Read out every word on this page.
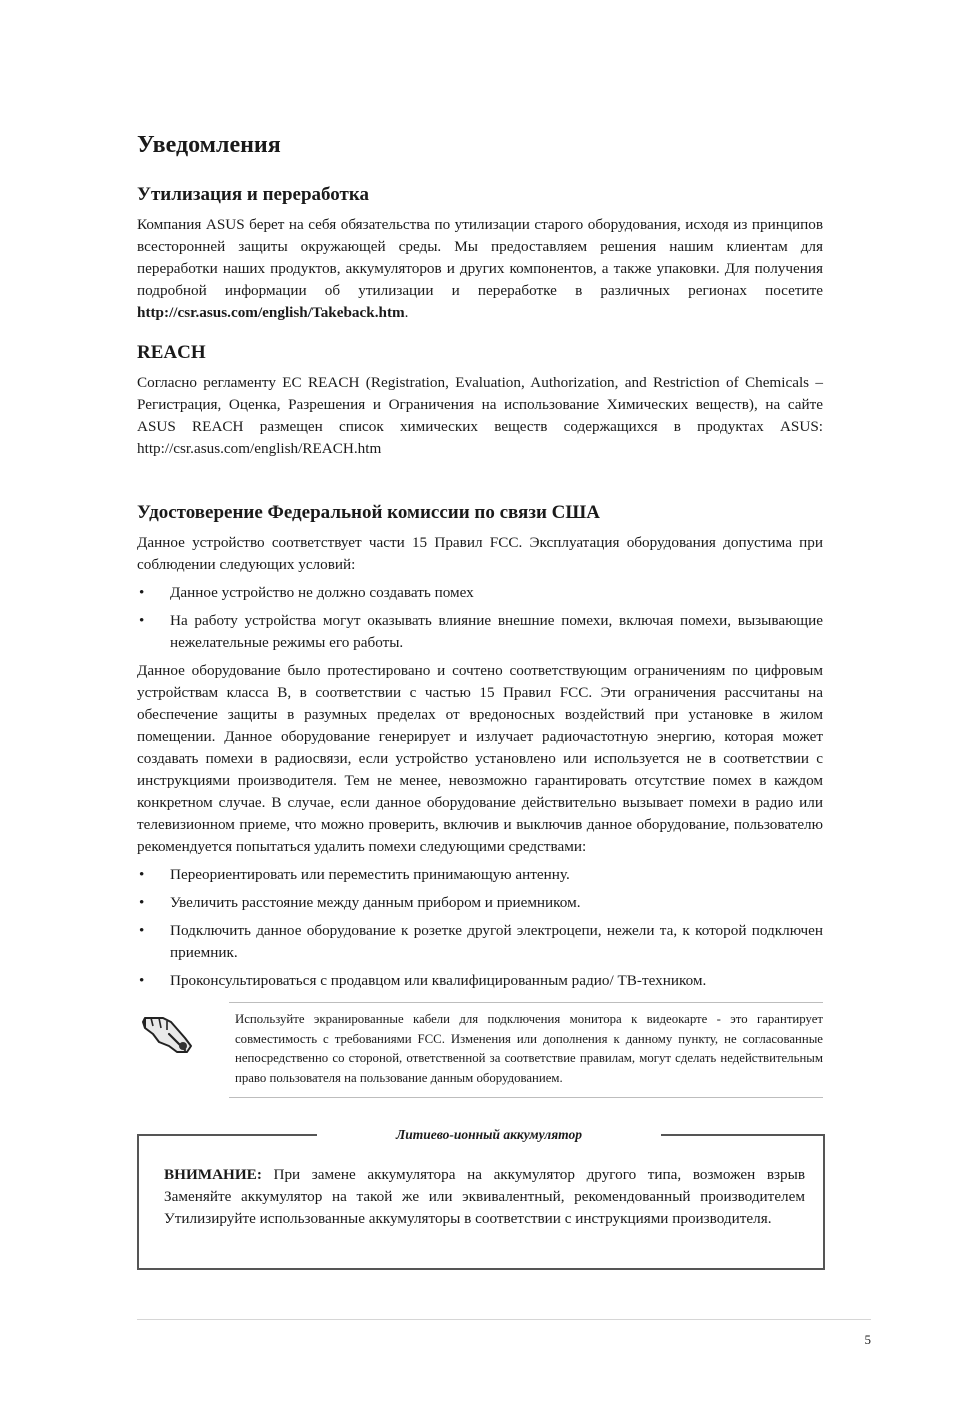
Уведомления
Утилизация и переработка

Компания ASUS берет на себя обязательства по утилизации старого оборудования, исходя из принципов всесторонней защиты окружающей среды. Мы предоставляем решения нашим клиентам для переработки наших продуктов, аккумуляторов и других компонентов, а также упаковки. Для получения подробной информации об утилизации и переработке в различных регионах посетите http://csr.asus.com/english/Takeback.htm.

REACH

Согласно регламенту ЕС REACH (Registration, Evaluation, Authorization, and Restriction of Chemicals – Регистрация, Оценка, Разрешения и Ограничения на использование Химических веществ), на сайте ASUS REACH размещен список химических веществ содержащихся в продуктах ASUS: http://csr.asus.com/english/REACH.htm

Удостоверение Федеральной комиссии по связи США

Данное устройство соответствует части 15 Правил FCC. Эксплуатация оборудования допустима при соблюдении следующих условий:

• Данное устройство не должно создавать помех
• На работу устройства могут оказывать влияние внешние помехи, включая помехи, вызывающие нежелательные режимы его работы.

Данное оборудование было протестировано и сочтено соответствующим ограничениям по цифровым устройствам класса В, в соответствии с частью 15 Правил FCC. Эти ограничения рассчитаны на обеспечение защиты в разумных пределах от вредоносных воздействий при установке в жилом помещении. Данное оборудование генерирует и излучает радиочастотную энергию, которая может создавать помехи в радиосвязи, если устройство установлено или используется не в соответствии с инструкциями производителя. Тем не менее, невозможно гарантировать отсутствие помех в каждом конкретном случае. В случае, если данное оборудование действительно вызывает помехи в радио или телевизионном приеме, что можно проверить, включив и выключив данное оборудование, пользователю рекомендуется попытаться удалить помехи следующими средствами:

• Переориентировать или переместить принимающую антенну.
• Увеличить расстояние между данным прибором и приемником.
• Подключить данное оборудование к розетке другой электроцепи, нежели та, к которой подключен приемник.
• Проконсультироваться с продавцом или квалифицированным радио/ ТВ-техником.
Используйте экранированные кабели для подключения монитора к видеокарте - это гарантирует совместимость с требованиями FCC. Изменения или дополнения к данному пункту, не согласованные непосредственно со стороной, ответственной за соответствие правилам, могут сделать недействительным право пользователя на пользование данным оборудованием.
Литиево-ионный аккумулятор
ВНИМАНИЕ: При замене аккумулятора на аккумулятор другого типа, возможен взрыв Заменяйте аккумулятор на такой же или эквивалентный, рекомендованный производителем Утилизируйте использованные аккумуляторы в соответствии с инструкциями производителя.
5
